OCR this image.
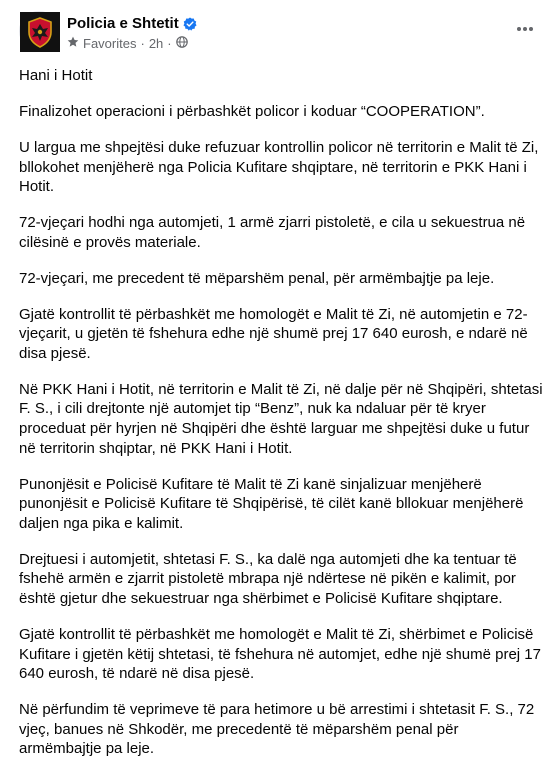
Policia e Shtetit
Favorites · 2h ·

Hani i Hotit

Finalizohet operacioni i përbashkët policor i koduar “COOPERATION”.

U largua me shpejtësi duke refuzuar kontrollin policor në territorin e Malit të Zi, bllokohet menjëherë nga Policia Kufitare shqiptare, në territorin e PKK Hani i Hotit.

72-vjeçari hodhi nga automjeti, 1 armë zjarri pistoletë, e cila u sekuestrua në cilësinë e provës materiale.

72-vjeçari, me precedent të mëparshëm penal, për armëmbajtje pa leje.

Gjatë kontrollit të përbashkët me homologët e Malit të Zi, në automjetin e 72-vjeçarit, u gjetën të fshehura edhe një shumë prej 17 640 eurosh, e ndarë në disa pjesë.

Në PKK Hani i Hotit, në territorin e Malit të Zi, në dalje për në Shqipëri, shtetasi F. S., i cili drejtonte një automjet tip “Benz”, nuk ka ndaluar për të kryer proceduat për hyrjen në Shqipëri dhe është larguar me shpejtësi duke u futur në territorin shqiptar, në PKK Hani i Hotit.

Punonjësit e Policisë Kufitare të Malit të Zi kanë sinjalizuar menjëherë punonjësit e Policisë Kufitare të Shqipërisë, të cilët kanë bllokuar menjëherë daljen nga pika e kalimit.

Drejtuesi i automjetit, shtetasi F. S., ka dalë nga automjeti dhe ka tentuar të fshehë armën e zjarrit pistoletë mbrapa një ndërtese në pikën e kalimit, por është gjetur dhe sekuestruar nga shërbimet e Policisë Kufitare shqiptare.

Gjatë kontrollit të përbashkët me homologët e Malit të Zi, shërbimet e Policisë Kufitare i gjetën këtij shtetasi, të fshehura në automjet, edhe një shumë prej 17 640 eurosh, të ndarë në disa pjesë.

Në përfundim të veprimeve të para hetimore u bë arrestimi i shtetasit F. S., 72 vjeç, banues në Shkodër, me precedentë të mëparshëm penal për armëmbajtje pa leje.
